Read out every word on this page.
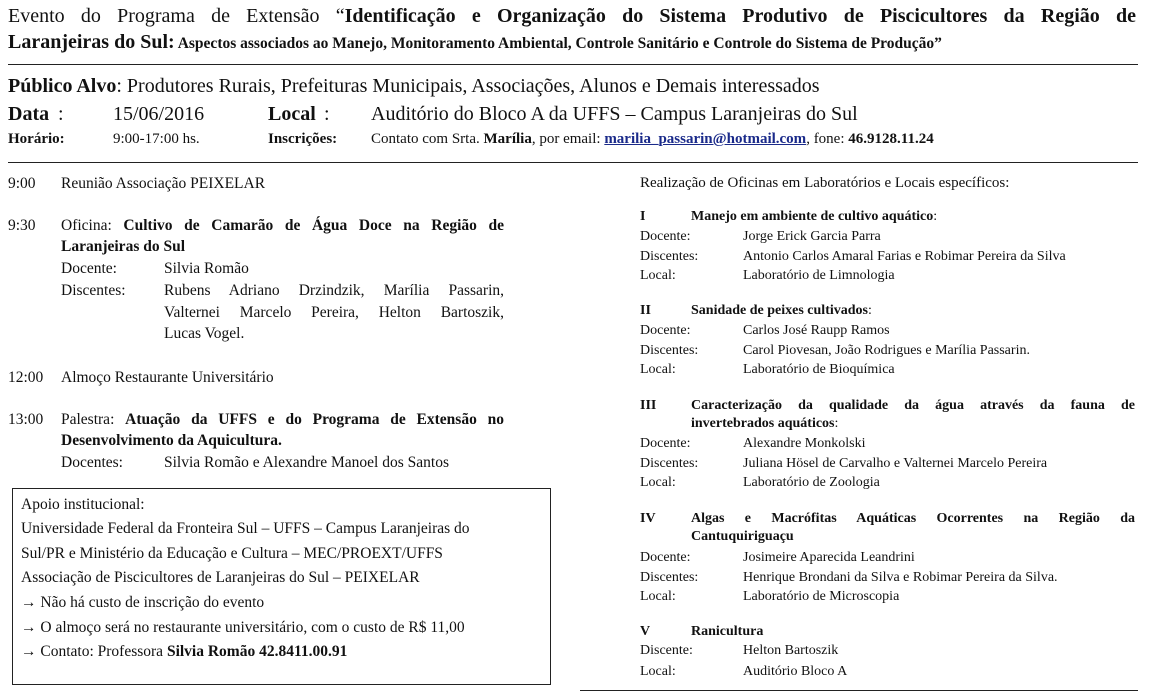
Evento do Programa de Extensão “Identificação e Organização do Sistema Produtivo de Piscicultores da Região de
Laranjeiras do Sul: Aspectos associados ao Manejo, Monitoramento Ambiental, Controle Sanitário e Controle do Sistema de Produção”
Público Alvo: Produtores Rurais, Prefeituras Municipais, Associações, Alunos e Demais interessados
Data : 15/06/2016	Local : Auditório do Bloco A da UFFS – Campus Laranjeiras do Sul
Horário:	9:00-17:00 hs.	Inscrições: Contato com Srta. Marília, por email: marilia_passarin@hotmail.com, fone: 46.9128.11.24
9:00 Reunião Associação PEIXELAR
9:30 Oficina: Cultivo de Camarão de Água Doce na Região de
Laranjeiras do Sul
Docente:	Silvia Romão
Discentes: Rubens Adriano Drzindzik, Marília Passarin,
Valternei Marcelo Pereira, Helton Bartoszik,
Lucas Vogel.
12:00 Almoço Restaurante Universitário
13:00 Palestra: Atuação da UFFS e do Programa de Extensão no
Desenvolvimento da Aquicultura.
Docentes:	Silvia Romão e Alexandre Manoel dos Santos
Apoio institucional:
Universidade Federal da Fronteira Sul – UFFS – Campus Laranjeiras do
Sul/PR e Ministério da Educação e Cultura – MEC/PROEXT/UFFS
Associação de Piscicultores de Laranjeiras do Sul – PEIXELAR
→ Não há custo de inscrição do evento
→ O almoço será no restaurante universitário, com o custo de R$ 11,00
→ Contato: Professora Silvia Romão 42.8411.00.91
Realização de Oficinas em Laboratórios e Locais específicos:
I	Manejo em ambiente de cultivo aquático:
Docente:	Jorge Erick Garcia Parra
Discentes:	Antonio Carlos Amaral Farias e Robimar Pereira da Silva
Local:	Laboratório de Limnologia
II	Sanidade de peixes cultivados:
Docente:	Carlos José Raupp Ramos
Discentes:	Carol Piovesan, João Rodrigues e Marília Passarin.
Local:	Laboratório de Bioquímica
III Caracterização da qualidade da água através da fauna de
invertebrados aquáticos:
Docente:	Alexandre Monkolski
Discentes:	Juliana Hösel de Carvalho e Valternei Marcelo Pereira
Local:	Laboratório de Zoologia
IV	Algas e Macrófitas Aquáticas Ocorrentes na Região da
Cantuquiriguaçu
Docente:	Josimeire Aparecida Leandrini
Discentes:	Henrique Brondani da Silva e Robimar Pereira da Silva.
Local:	Laboratório de Microscopia
V	Ranicultura
Discente:	Helton Bartoszik
Local:	Auditório Bloco A
